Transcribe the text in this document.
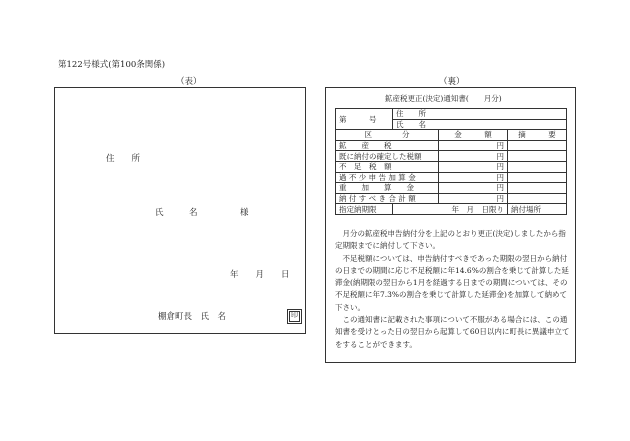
第122号様式(第100条関係)
（表）
住　　所
氏　　　名　　　　　様
年　　月　　日
棚倉町長　氏　名	印
（裏）
鉱産税更正(決定)通知書(　　月分)
第　　　号	住　　所		
	氏　　名		
区　　　　分		金　　　額	摘　　　要
鉱　　産　　税		円	
既に納付の確定した税額		円	
不　足　税　額		円	
過 不 少 申 告 加 算 金		円	
重　　加　　算　　金		円	
納 付 す べ き 合 計 額		円	
指定納期限	年　月　日限り		納付場所

月分の鉱産税申告納付分を上記のとおり更正(決定)しましたから指定期限までに納付して下さい。

不足税額については、申告納付すべきであった期限の翌日から納付の日までの期間に応じ不足税額に年14.6%の割合を乗じて計算した延滞金(納期限の翌日から1月を経過する日までの期間については、その不足税額に年7.3%の割合を乗じて計算した延滞金)を加算して納めて下さい。

この通知書に記載された事項について不服がある場合には、この通知書を受けとった日の翌日から起算して60日以内に町長に異議申立てをすることができます。
